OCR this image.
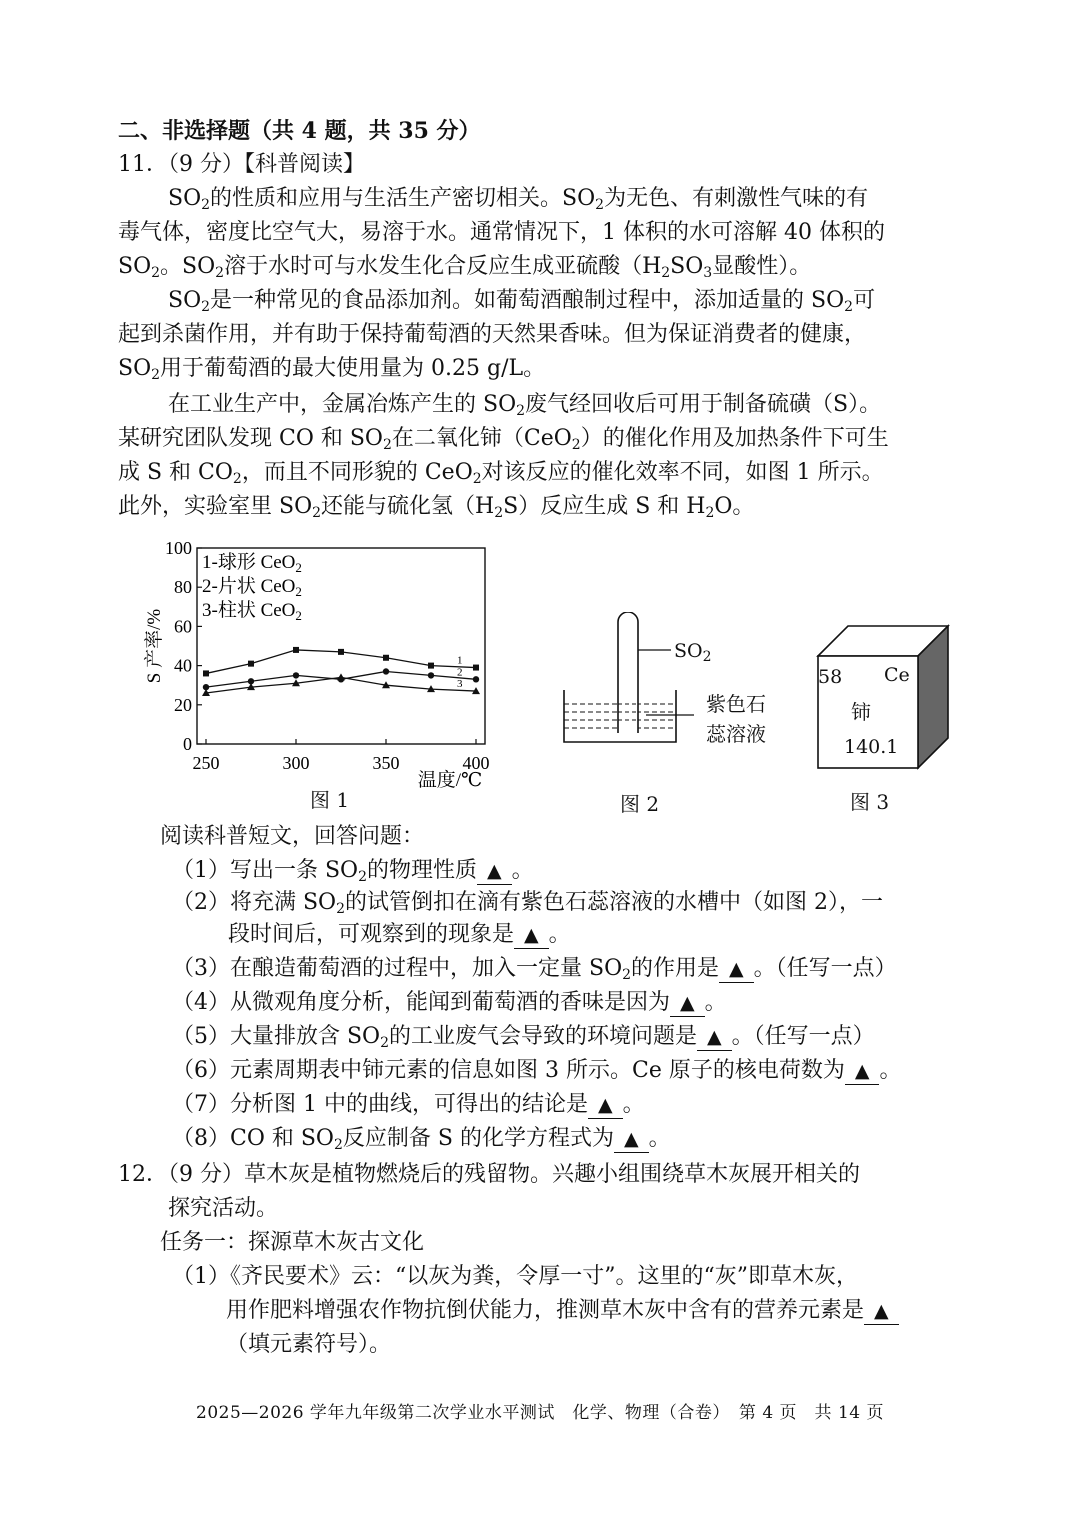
二、非选择题（共 4 题，共 35 分）
11．（9 分）【科普阅读】
$SO_2$的性质和应用与生活生产密切相关。$SO_2$为无色、有刺激性气味的有
毒气体，密度比空气大，易溶于水。通常情况下，1 体积的水可溶解 40 体积的
$SO_2$。$SO_2$溶于水时可与水发生化合反应生成亚硫酸（$H_2SO_3$显酸性）。
$SO_2$是一种常见的食品添加剂。如葡萄酒酿制过程中，添加适量的 $SO_2$可
起到杀菌作用，并有助于保持葡萄酒的天然果香味。但为保证消费者的健康，
$SO_2$用于葡萄酒的最大使用量为 0.25 g/L。
在工业生产中，金属冶炼产生的 $SO_2$废气经回收后可用于制备硫磺（S）。
某研究团队发现 CO 和 $SO_2$在二氧化铈（CeO$_2$）的催化作用及加热条件下可生
成 S 和 $CO_2$，而且不同形貌的 CeO$_2$对该反应的催化效率不同，如图 1 所示。
此外，实验室里 $SO_2$还能与硫化氢$(H_2S)$反应生成 S 和 $H_2O$。
0
20
40
60
80
100
250	300	350	400
1
2
3
1-球形 CeO$_2$
2-片状 CeO$_2$
3-柱状 CeO$_2$
S 产率/%
温度/℃
图 1
$SO_2$
紫色石
蕊溶液
图 2
58 Ce
铈
140.1
图 3
阅读科普短文，回答问题：
（1）写出一条 $SO_2$的物理性质 ▲ 。
（2）将充满 $SO_2$的试管倒扣在滴有紫色石蕊溶液的水槽中（如图 2），一
段时间后，可观察到的现象是 ▲ 。
（3）在酿造葡萄酒的过程中，加入一定量 $SO_2$的作用是 ▲ 。（任写一点）
（4）从微观角度分析，能闻到葡萄酒的香味是因为 ▲ 。
（5）大量排放含 $SO_2$的工业废气会导致的环境问题是 ▲ 。（任写一点）
（6）元素周期表中铈元素的信息如图 3 所示。Ce 原子的核电荷数为 ▲ 。
（7）分析图 1 中的曲线，可得出的结论是 ▲ 。
（8）CO 和 $SO_2$反应制备 S 的化学方程式为 ▲ 。
12．（9 分）草木灰是植物燃烧后的残留物。兴趣小组围绕草木灰展开相关的
探究活动。
任务一：探源草木灰古文化
（1）《齐民要术》云：“以灰为粪，令厚一寸”。这里的“灰”即草木灰，
用作肥料增强农作物抗倒伏能力，推测草木灰中含有的营养元素是 ▲
（填元素符号）。
2025—2026 学年九年级第二次学业水平测试　化学、物理（合卷）　第 4 页　共 14 页
